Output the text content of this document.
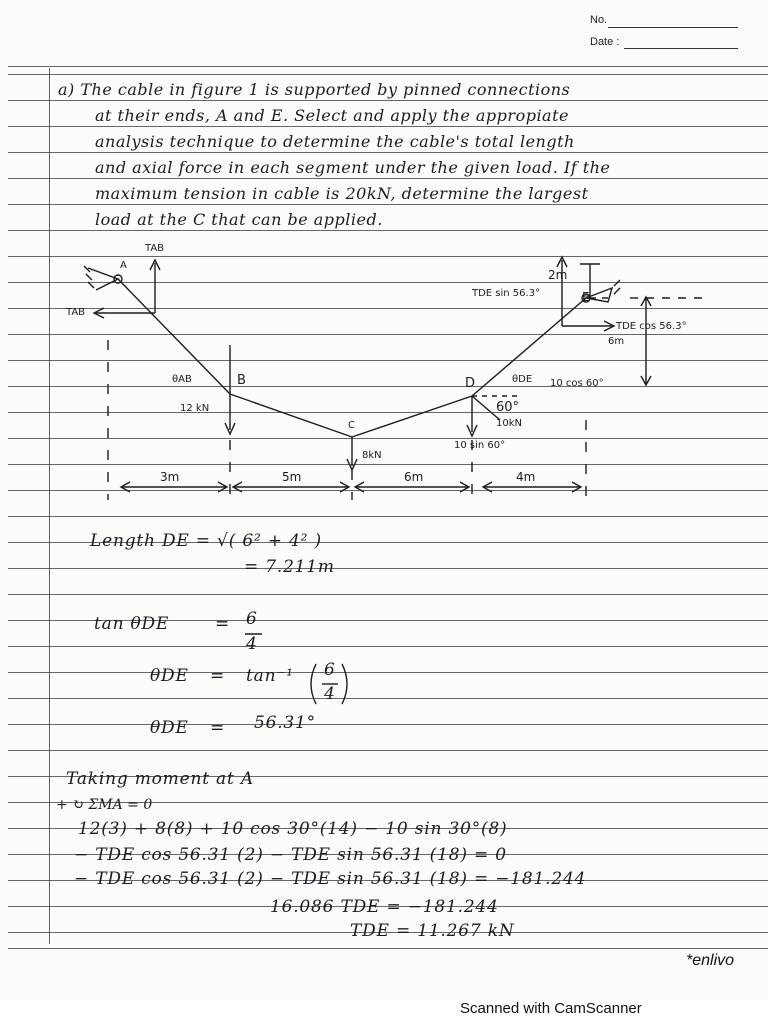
No.
Date :
a) The cable in figure 1 is supported by pinned connections
at their ends, A and E. Select and apply the appropiate
analysis technique to determine the cable's total length
and axial force in each segment under the given load. If the
maximum tension in cable is 20kN, determine the largest
load at the C that can be applied.
TAB
A
TAB
θAB	B
12 kN
C
8kN
D	θDE 10 cos 60°
60°
10kN
10 sin 60°
2m
TDE sin 56.3°	E
TDE cos 56.3°
6m
3m	5m	6m	4m
Length DE = √( 6² + 4² )
= 7.211m
tan θDE	= 6
4
θDE = tan⁻¹ 6
4
θDE = 56.31°
Taking moment at A
+ ↻ ΣMA = 0
12(3) + 8(8) + 10 cos 30°(14) − 10 sin 30°(8)
− TDE cos 56.31 (2) − TDE sin 56.31 (18) = 0
− TDE cos 56.31 (2) − TDE sin 56.31 (18) = −181.244
16.086 TDE = −181.244
TDE = 11.267 kN
*enlivo
Scanned with CamScanner
